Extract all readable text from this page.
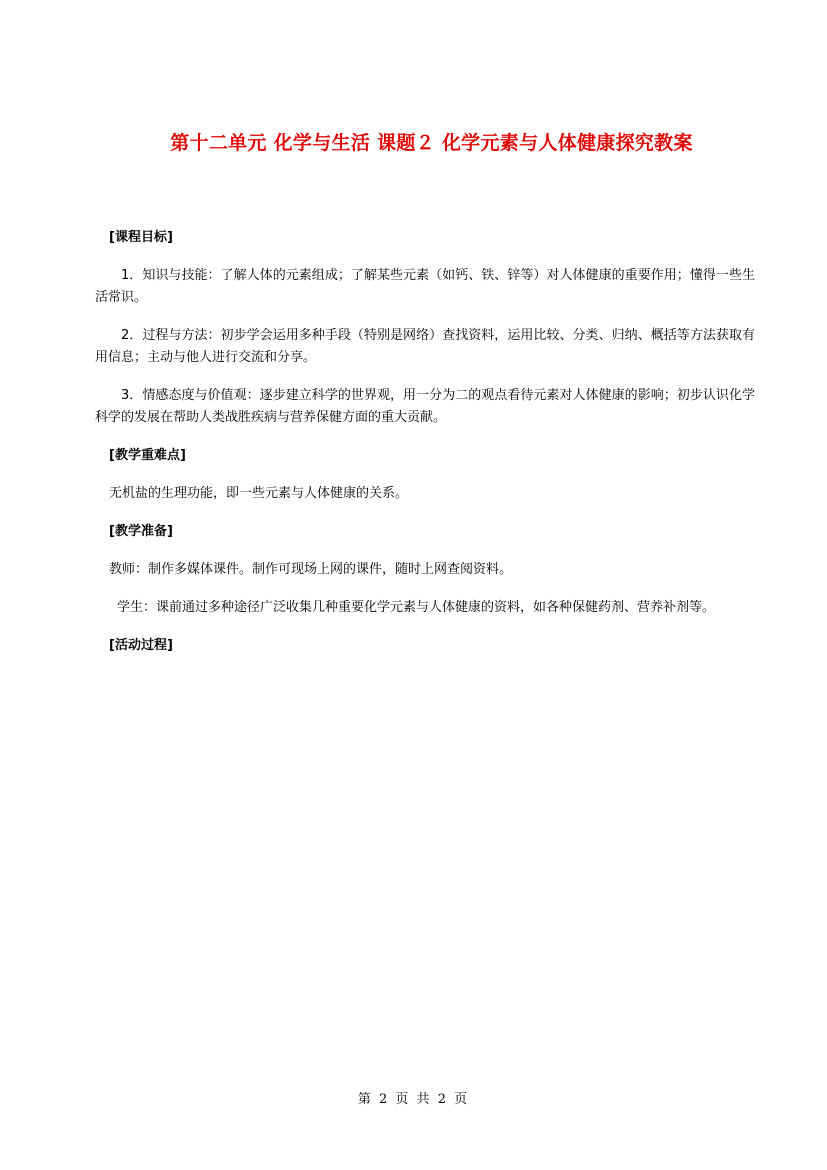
第十二单元 化学与生活 课题２ 化学元素与人体健康探究教案
[课程目标]

1．知识与技能：了解人体的元素组成；了解某些元素（如钙、铁、锌等）对人体健康的重要作用；懂得一些生活常识。

2．过程与方法：初步学会运用多种手段（特别是网络）查找资料，运用比较、分类、归纳、概括等方法获取有用信息；主动与他人进行交流和分享。

3．情感态度与价值观：逐步建立科学的世界观，用一分为二的观点看待元素对人体健康的影响；初步认识化学科学的发展在帮助人类战胜疾病与营养保健方面的重大贡献。

[教学重难点]

无机盐的生理功能，即一些元素与人体健康的关系。

[教学准备]

教师：制作多媒体课件。制作可现场上网的课件，随时上网查阅资料。

学生：课前通过多种途径广泛收集几种重要化学元素与人体健康的资料，如各种保健药剂、营养补剂等。

[活动过程]
第 2 页 共 2 页
